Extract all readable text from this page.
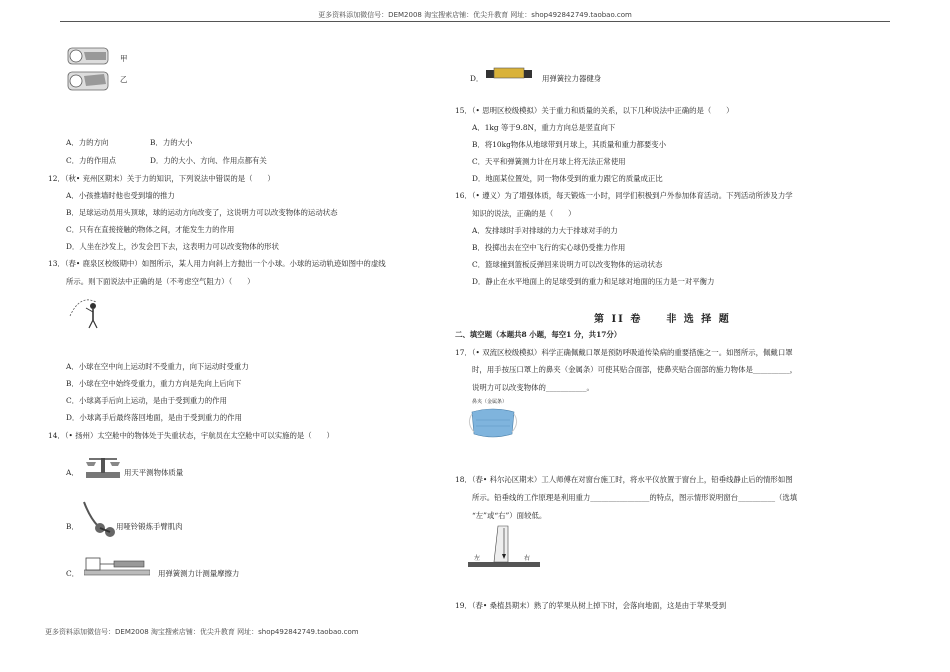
更多资料添加微信号：DEM2008 淘宝搜索店铺：优尖升教育 网址：shop492842749.taobao.com
甲
乙
A．力的方向	B．力的大小
C．力的作用点	D．力的大小、方向、作用点都有关
12．（秋• 兖州区期末）关于力的知识，下列说法中错误的是（　　）
A．小孩推墙时他也受到墙的推力
B．足球运动员用头顶球，球的运动方向改变了，这说明力可以改变物体的运动状态
C．只有在直接接触的物体之间，才能发生力的作用
D．人坐在沙发上，沙发会凹下去，这表明力可以改变物体的形状
13．（春• 鹿泉区校级期中）如图所示，某人用力向斜上方抛出一个小球。小球的运动轨迹如图中的虚线
所示。则下面说法中正确的是（不考虑空气阻力）（　　）
A．小球在空中向上运动时不受重力，向下运动时受重力
B．小球在空中始终受重力，重力方向是先向上后向下
C．小球离手后向上运动，是由于受到重力的作用
D．小球离手后最终落回地面，是由于受到重力的作用
14．（• 扬州）太空舱中的物体处于失重状态，宇航员在太空舱中可以实施的是（　　）
A．	用天平测物体质量
B．	用哑铃锻炼手臂肌肉
C．	用弹簧测力计测量摩擦力
D．	用弹簧拉力器健身
15．（• 思明区校级模拟）关于重力和质量的关系，以下几种说法中正确的是（　　）
A．1kg 等于9.8N，重力方向总是竖直向下
B．将10kg物体从地球带到月球上，其质量和重力都要变小
C．天平和弹簧测力计在月球上将无法正常使用
D．地面某位置处，同一物体受到的重力跟它的质量成正比
16．（• 遵义）为了增强体质，每天锻炼一小时，同学们积极到户外参加体育活动。下列活动所涉及力学
知识的说法，正确的是（　　）
A．发排球时手对排球的力大于排球对手的力
B．投掷出去在空中飞行的实心球仍受推力作用
C．篮球撞到篮板反弹回来说明力可以改变物体的运动状态
D．静止在水平地面上的足球受到的重力和足球对地面的压力是一对平衡力
第 II 卷　　非 选 择 题
二、填空题（本题共8 小题，每空1 分，共17分）
17．（• 双流区校级模拟）科学正确佩戴口罩是预防呼吸道传染病的重要措施之一。如图所示，佩戴口罩
时，用手按压口罩上的鼻夹（金属条）可使其贴合面部，使鼻夹贴合面部的施力物体是__________，
说明力可以改变物体的___________。
鼻夹（金属条）
18．（春• 科尔沁区期末）工人师傅在对窗台施工时，将水平仪放置于窗台上，铅垂线静止后的情形如图
所示。铅垂线的工作原理是利用重力________________的特点，图示情形说明窗台__________（选填
“左”或“右”）面较低。
左	右
19．（春• 桑植县期末）熟了的苹果从树上掉下时，会落向地面，这是由于苹果受到
更多资料添加微信号：DEM2008 淘宝搜索店铺：优尖升教育 网址：shop492842749.taobao.com
